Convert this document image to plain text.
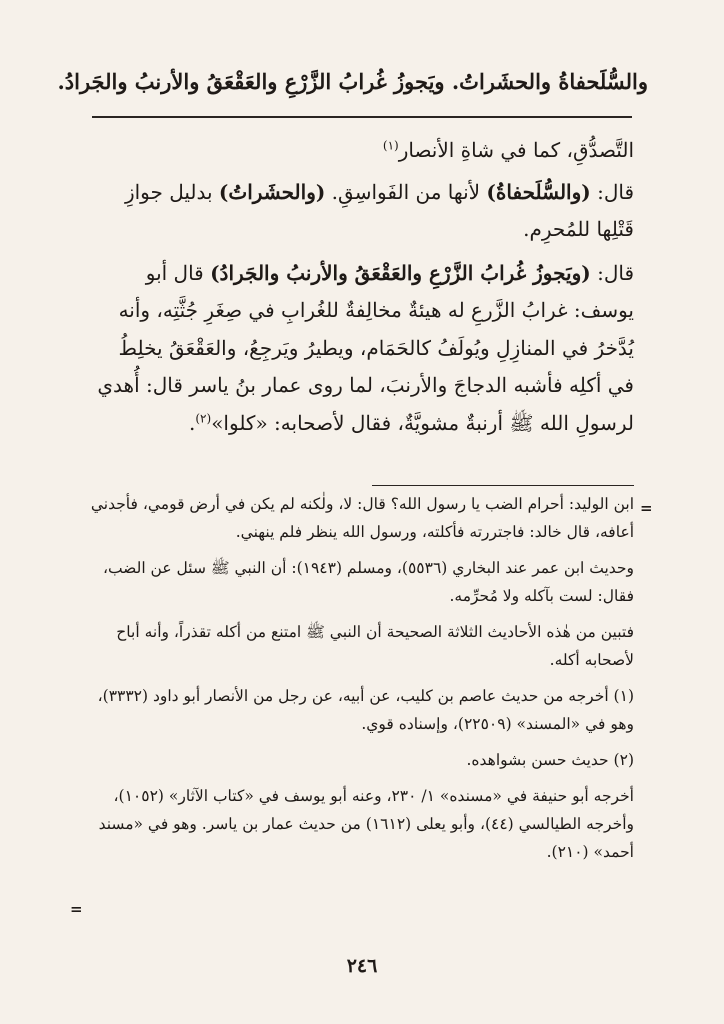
والسُّلَحفاةُ والحشَراتُ. ويَجوزُ غُرابُ الزَّرْعِ والعَقْعَقُ والأرنبُ والجَرادُ.

التَّصدُّقِ، كما في شاةِ الأنصار$^{(١)}$

قال: (والسُّلَحفاةُ) لأنها من الفَواسِقِ. (والحشَراتُ) بدليل جوازِ قَتْلِها للمُحرِم.

قال: (ويَجوزُ غُرابُ الزَّرْعِ والعَقْعَقُ والأرنبُ والجَرادُ) قال أبو يوسف: غرابُ الزَّرعِ له هيئةٌ مخالِفةٌ للغُرابِ في صِغَرِ جُثَّتِه، وأنه يُدَّخرُ في المنازِلِ ويُولَفُ كالحَمَام، ويطيرُ ويَرجِعُ، والعَقْعَقُ يخلِطُ في أكلِه فأشبه الدجاجَ والأرنبَ، لما روى عمار بنُ ياسر قال: أُهدي لرسولِ الله ﷺ أرنبةٌ مشويَّةٌ، فقال لأصحابه: «كلوا»$^{(٢)}$.

=

ابن الوليد: أحرام الضب يا رسول الله؟ قال: لا، ولٰكنه لم يكن في أرض قومي، فأجدني أعافه، قال خالد: فاجتررته فأكلته، ورسول الله ينظر فلم ينهني.

وحديث ابن عمر عند البخاري (٥٥٣٦)، ومسلم (١٩٤٣): أن النبي ﷺ سئل عن الضب، فقال: لست بآكله ولا مُحرِّمه.

فتبين من هٰذه الأحاديث الثلاثة الصحيحة أن النبي ﷺ امتنع من أكله تقذراً، وأنه أباح لأصحابه أكله.

(١) أخرجه من حديث عاصم بن كليب، عن أبيه، عن رجل من الأنصار أبو داود (٣٣٣٢)، وهو في «المسند» (٢٢٥٠٩)، وإسناده قوي.

(٢) حديث حسن بشواهده.

أخرجه أبو حنيفة في «مسنده» ١/ ٢٣٠، وعنه أبو يوسف في «كتاب الآثار» (١٠٥٢)، وأخرجه الطيالسي (٤٤)، وأبو يعلى (١٦١٢) من حديث عمار بن ياسر. وهو في «مسند أحمد» (٢١٠).

=
٢٤٦
